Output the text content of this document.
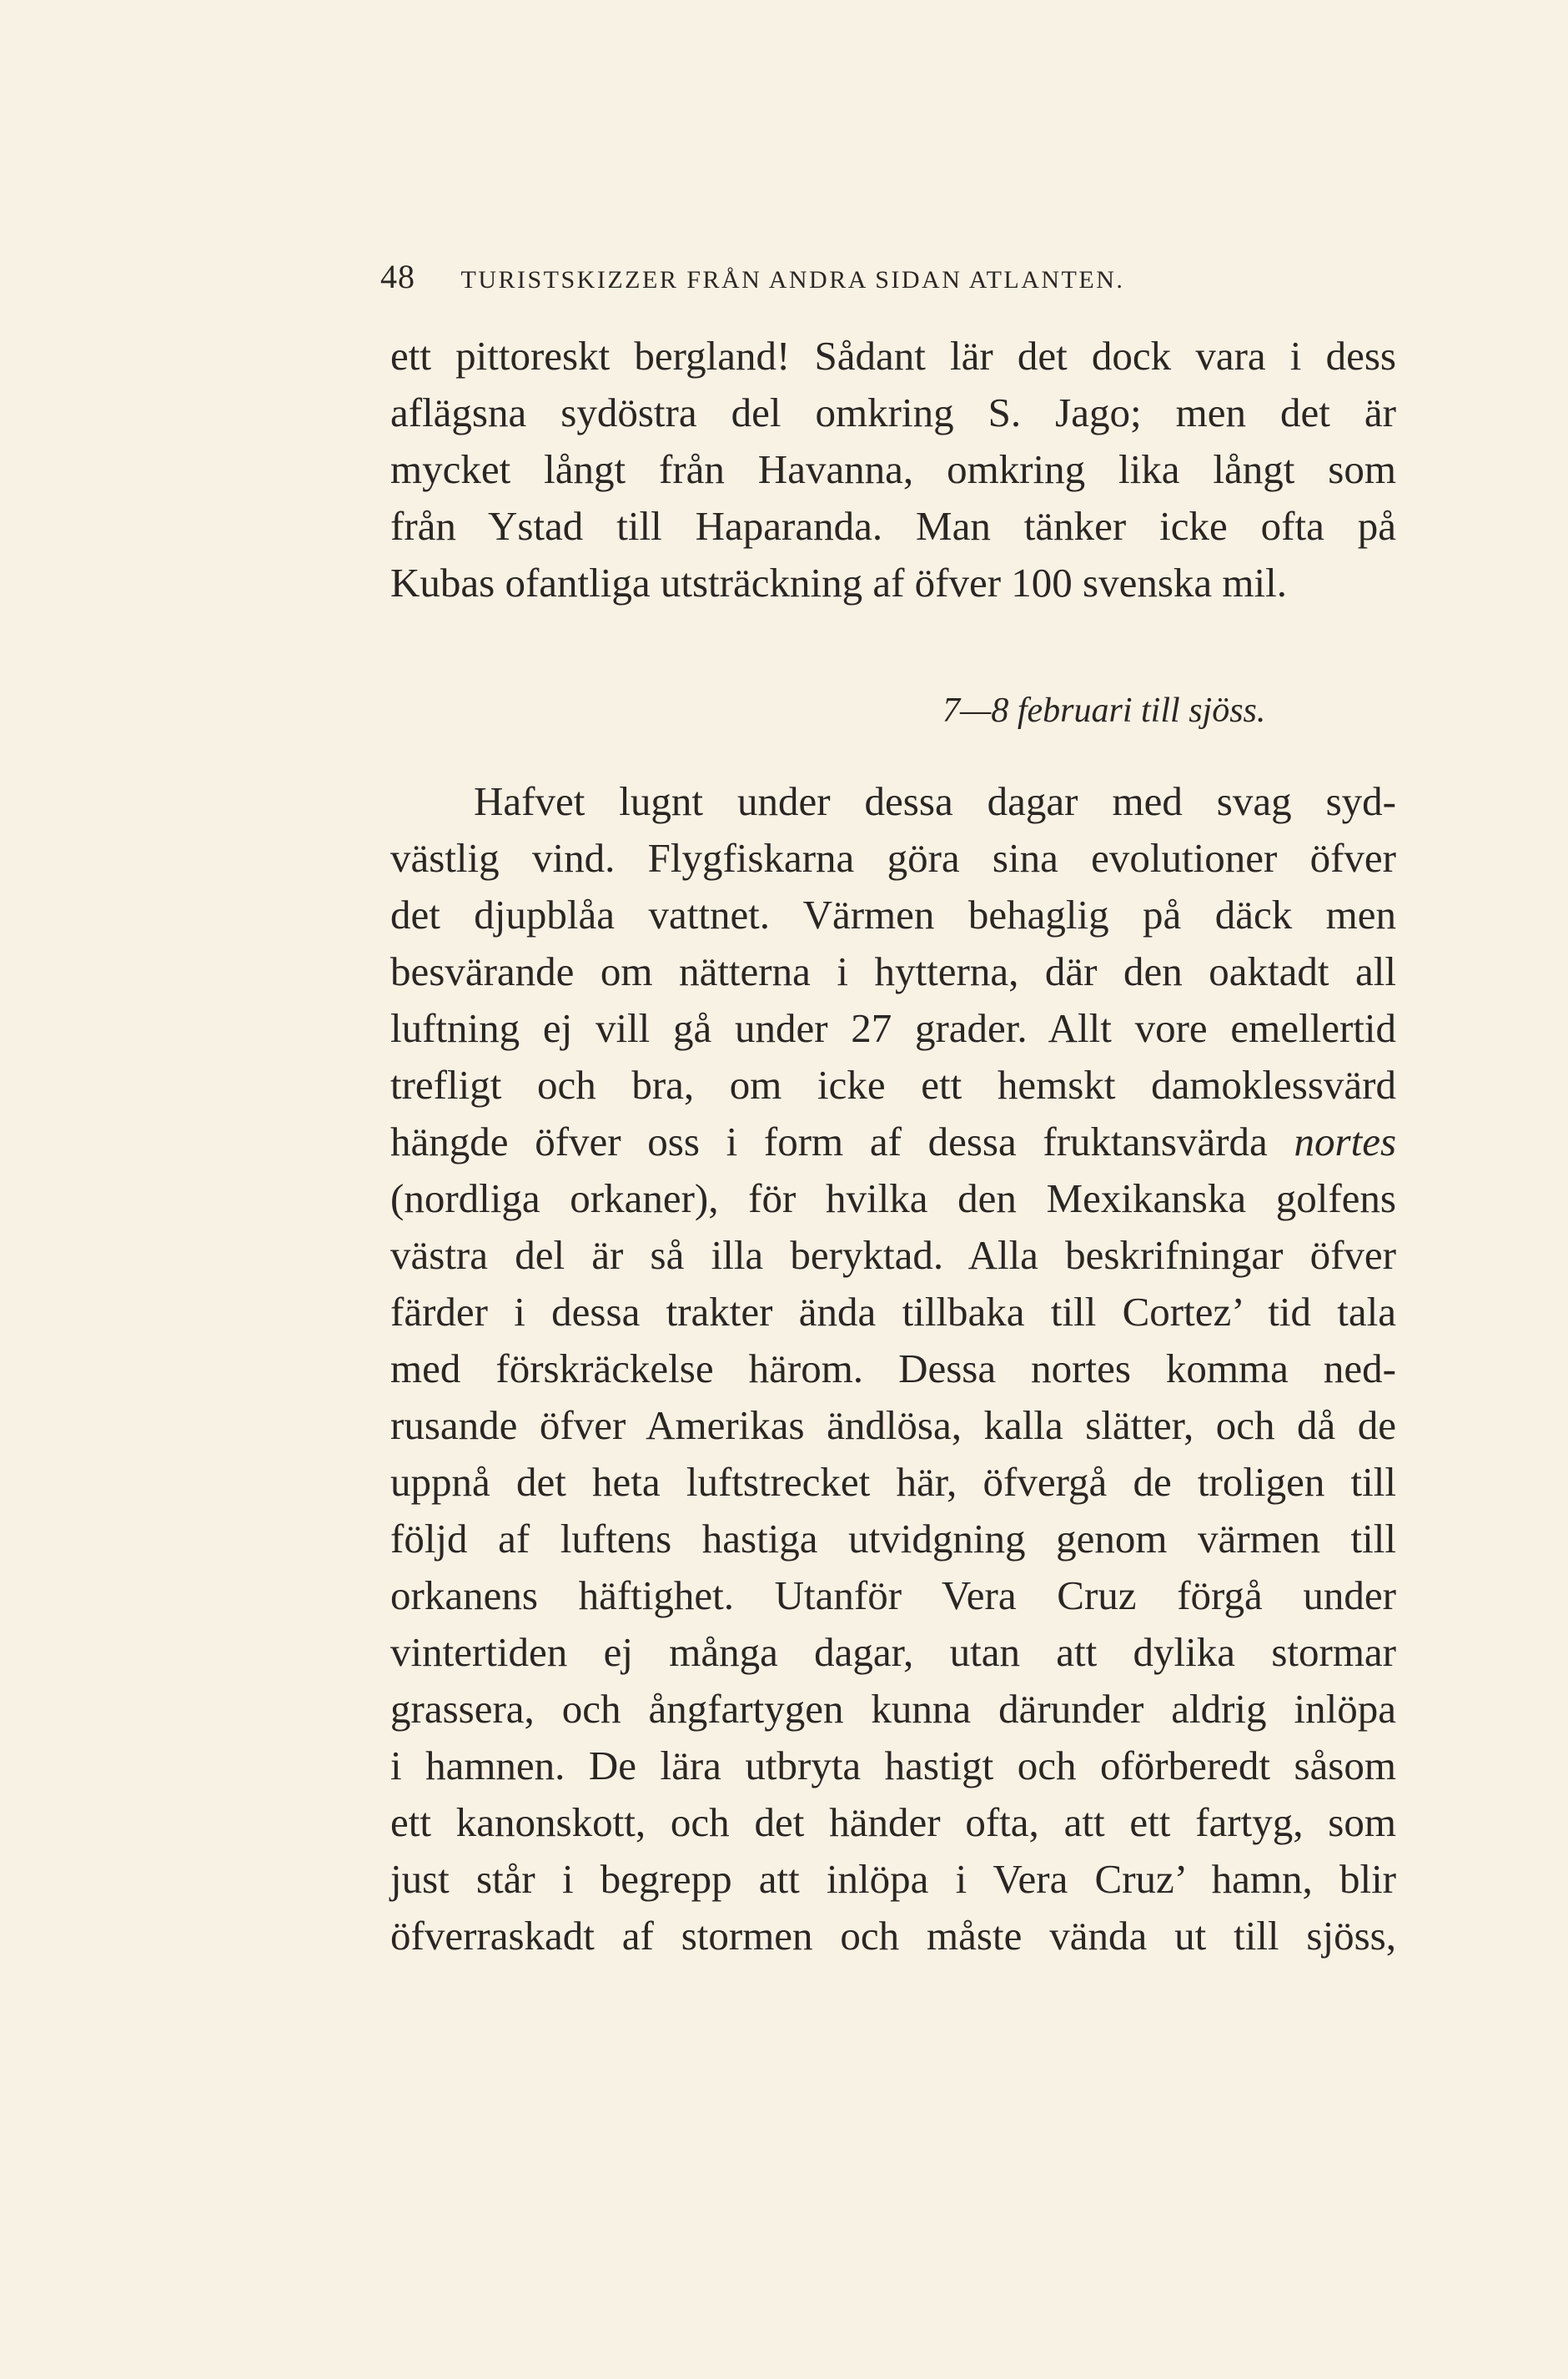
48 TURISTSKIZZER FRÅN ANDRA SIDAN ATLANTEN.
ett pittoreskt bergland! Sådant lär det dock vara i dess
aflägsna sydöstra del omkring S. Jago; men det är
mycket långt från Havanna, omkring lika långt som
från Ystad till Haparanda. Man tänker icke ofta på
Kubas ofantliga utsträckning af öfver 100 svenska mil.
7—8 februari till sjöss.
Hafvet lugnt under dessa dagar med svag syd-
västlig vind. Flygfiskarna göra sina evolutioner öfver
det djupblåa vattnet. Värmen behaglig på däck men
besvärande om nätterna i hytterna, där den oaktadt all
luftning ej vill gå under 27 grader. Allt vore emellertid
trefligt och bra, om icke ett hemskt damoklessvärd
hängde öfver oss i form af dessa fruktansvärda nortes
(nordliga orkaner), för hvilka den Mexikanska golfens
västra del är så illa beryktad. Alla beskrifningar öfver
färder i dessa trakter ända tillbaka till Cortez’ tid tala
med förskräckelse härom. Dessa nortes komma ned-
rusande öfver Amerikas ändlösa, kalla slätter, och då de
uppnå det heta luftstrecket här, öfvergå de troligen till
följd af luftens hastiga utvidgning genom värmen till
orkanens häftighet. Utanför Vera Cruz förgå under
vintertiden ej många dagar, utan att dylika stormar
grassera, och ångfartygen kunna därunder aldrig inlöpa
i hamnen. De lära utbryta hastigt och oförberedt såsom
ett kanonskott, och det händer ofta, att ett fartyg, som
just står i begrepp att inlöpa i Vera Cruz’ hamn, blir
öfverraskadt af stormen och måste vända ut till sjöss,
